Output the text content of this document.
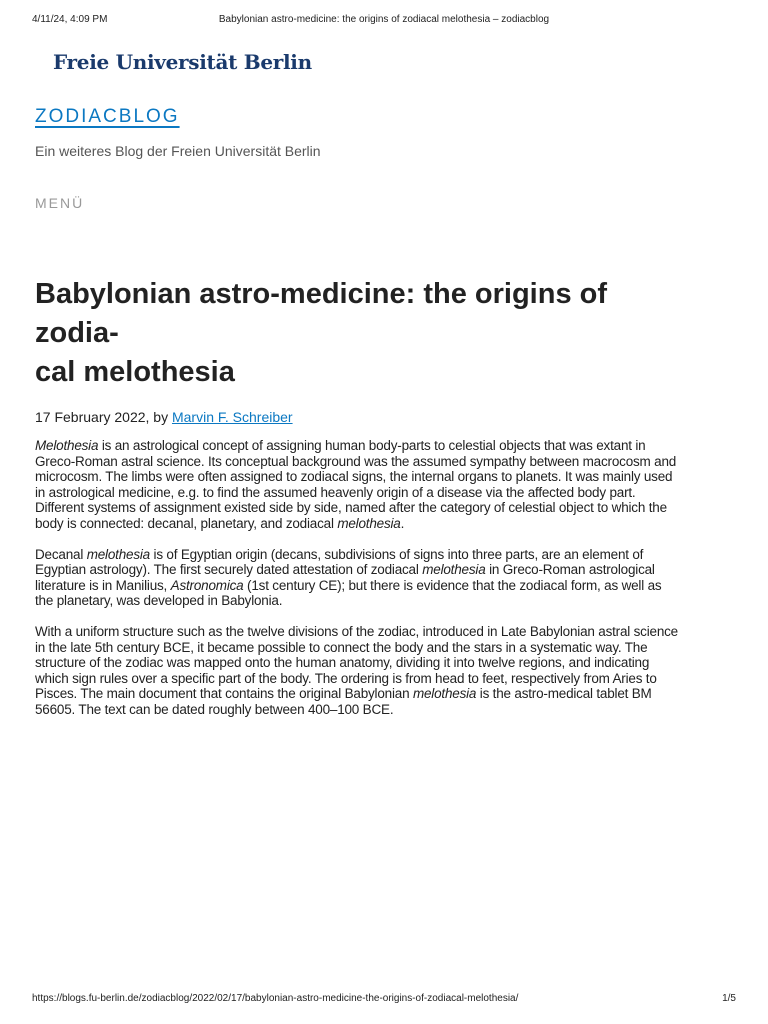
4/11/24, 4:09 PM	Babylonian astro-medicine: the origins of zodiacal melothesia – zodiacblog
Freie Universität Berlin
ZODIACBLOG
Ein weiteres Blog der Freien Universität Berlin
MENÜ
Babylonian astro-medicine: the origins of zodia-
cal melothesia
17 February 2022, by Marvin F. Schreiber

Melothesia is an astrological concept of assigning human body-parts to celestial objects that was extant in Greco-Roman astral science. Its conceptual background was the assumed sympathy between macrocosm and microcosm. The limbs were often assigned to zodiacal signs, the internal organs to planets. It was mainly used in astrological medicine, e.g. to find the assumed heavenly origin of a disease via the affected body part. Different systems of assignment existed side by side, named after the category of celestial object to which the body is connected: decanal, planetary, and zodiacal melothesia.

Decanal melothesia is of Egyptian origin (decans, subdivisions of signs into three parts, are an element of Egyptian astrology). The first securely dated attestation of zodiacal melothesia in Greco-Roman astrological literature is in Manilius, Astronomica (1st century CE); but there is evidence that the zodiacal form, as well as the planetary, was developed in Babylonia.

With a uniform structure such as the twelve divisions of the zodiac, introduced in Late Babylonian astral science in the late 5th century BCE, it became possible to connect the body and the stars in a systematic way. The structure of the zodiac was mapped onto the human anatomy, dividing it into twelve regions, and indicating which sign rules over a specific part of the body. The ordering is from head to feet, respectively from Aries to Pisces. The main document that contains the original Babylonian melothesia is the astro-medical tablet BM 56605. The text can be dated roughly between 400–100 BCE.

https://blogs.fu-berlin.de/zodiacblog/2022/02/17/babylonian-astro-medicine-the-origins-of-zodiacal-melothesia/	1/5
